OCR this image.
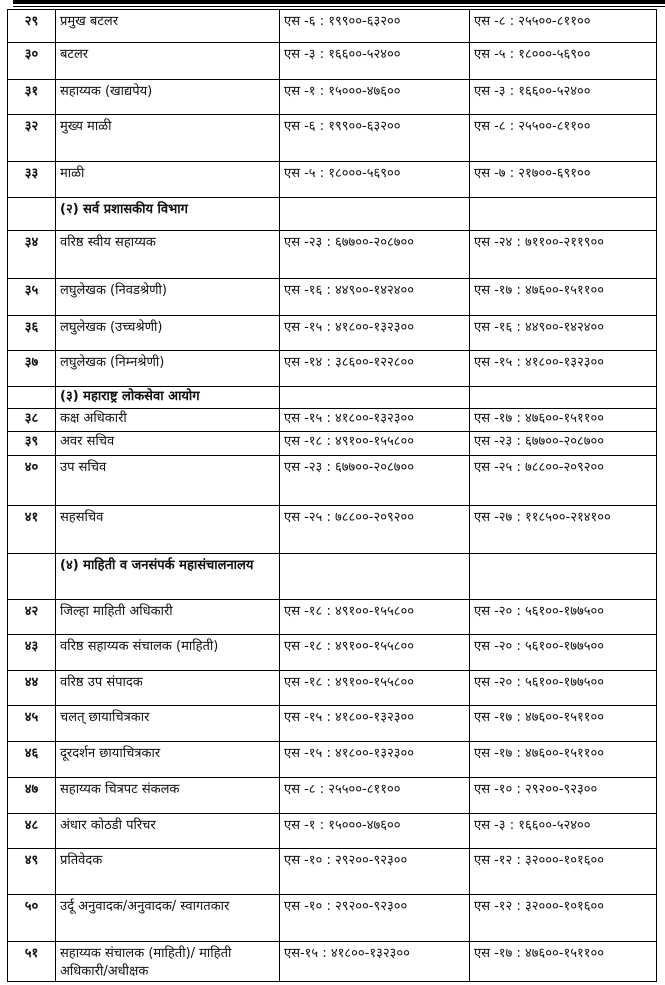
२९	प्रमुख बटलर	एस -६ : १९९००-६३२००	एस -८ : २५५००-८११००
३०	बटलर	एस -३ : १६६००-५२४००	एस -५ : १८०००-५६९००
३१	सहाय्यक (खाद्यपेय)	एस -१ : १५०००-४७६००	एस -३ : १६६००-५२४००
३२	मुख्य माळी	एस -६ : १९९००-६३२००	एस -८ : २५५००-८११००
३३	माळी	एस -५ : १८०००-५६९००	एस -७ : २१७००-६९१००
	(२) सर्व प्रशासकीय विभाग		
३४	वरिष्ठ स्वीय सहाय्यक	एस -२३ : ६७७००-२०८७००	एस -२४ : ७११००-२११९००
३५	लघुलेखक (निवडश्रेणी)	एस -१६ : ४४९००-१४२४००	एस -१७ : ४७६००-१५११००
३६	लघुलेखक (उच्चश्रेणी)	एस -१५ : ४१८००-१३२३००	एस -१६ : ४४९००-१४२४००
३७	लघुलेखक (निम्नश्रेणी)	एस -१४ : ३८६००-१२२८००	एस -१५ : ४१८००-१३२३००
	(३) महाराष्ट्र लोकसेवा आयोग		
३८	कक्ष अधिकारी	एस -१५ : ४१८००-१३२३००	एस -१७ : ४७६००-१५११००
३९	अवर सचिव	एस -१८ : ४९१००-१५५८००	एस -२३ : ६७७००-२०८७००
४०	उप सचिव	एस -२३ : ६७७००-२०८७००	एस -२५ : ७८८००-२०९२००
४१	सहसचिव	एस -२५ : ७८८००-२०९२००	एस -२७ : ११८५००-२१४१००
	(४) माहिती व जनसंपर्क महासंचालनालय		
४२	जिल्हा माहिती अधिकारी	एस -१८ : ४९१००-१५५८००	एस -२० : ५६१००-१७७५००
४३	वरिष्ठ सहाय्यक संचालक (माहिती)	एस -१८ : ४९१००-१५५८००	एस -२० : ५६१००-१७७५००
४४	वरिष्ठ उप संपादक	एस -१८ : ४९१००-१५५८००	एस -२० : ५६१००-१७७५००
४५	चलत् छायाचित्रकार	एस -१५ : ४१८००-१३२३००	एस -१७ : ४७६००-१५११००
४६	दूरदर्शन छायाचित्रकार	एस -१५ : ४१८००-१३२३००	एस -१७ : ४७६००-१५११००
४७	सहाय्यक चित्रपट संकलक	एस -८ : २५५००-८११००	एस -१० : २९२००-९२३००
४८	अंधार कोठडी परिचर	एस -१ : १५०००-४७६००	एस -३ : १६६००-५२४००
४९	प्रतिवेदक	एस -१० : २९२००-९२३००	एस -१२ : ३२०००-१०१६००
५०	उर्दू अनुवादक/अनुवादक/ स्वागतकार	एस -१० : २९२००-९२३००	एस -१२ : ३२०००-१०१६००
५१	सहाय्यक संचालक (माहिती)/ माहिती अधिकारी/अधीक्षक	एस-१५ : ४१८००-१३२३००	एस -१७ : ४७६००-१५११००
